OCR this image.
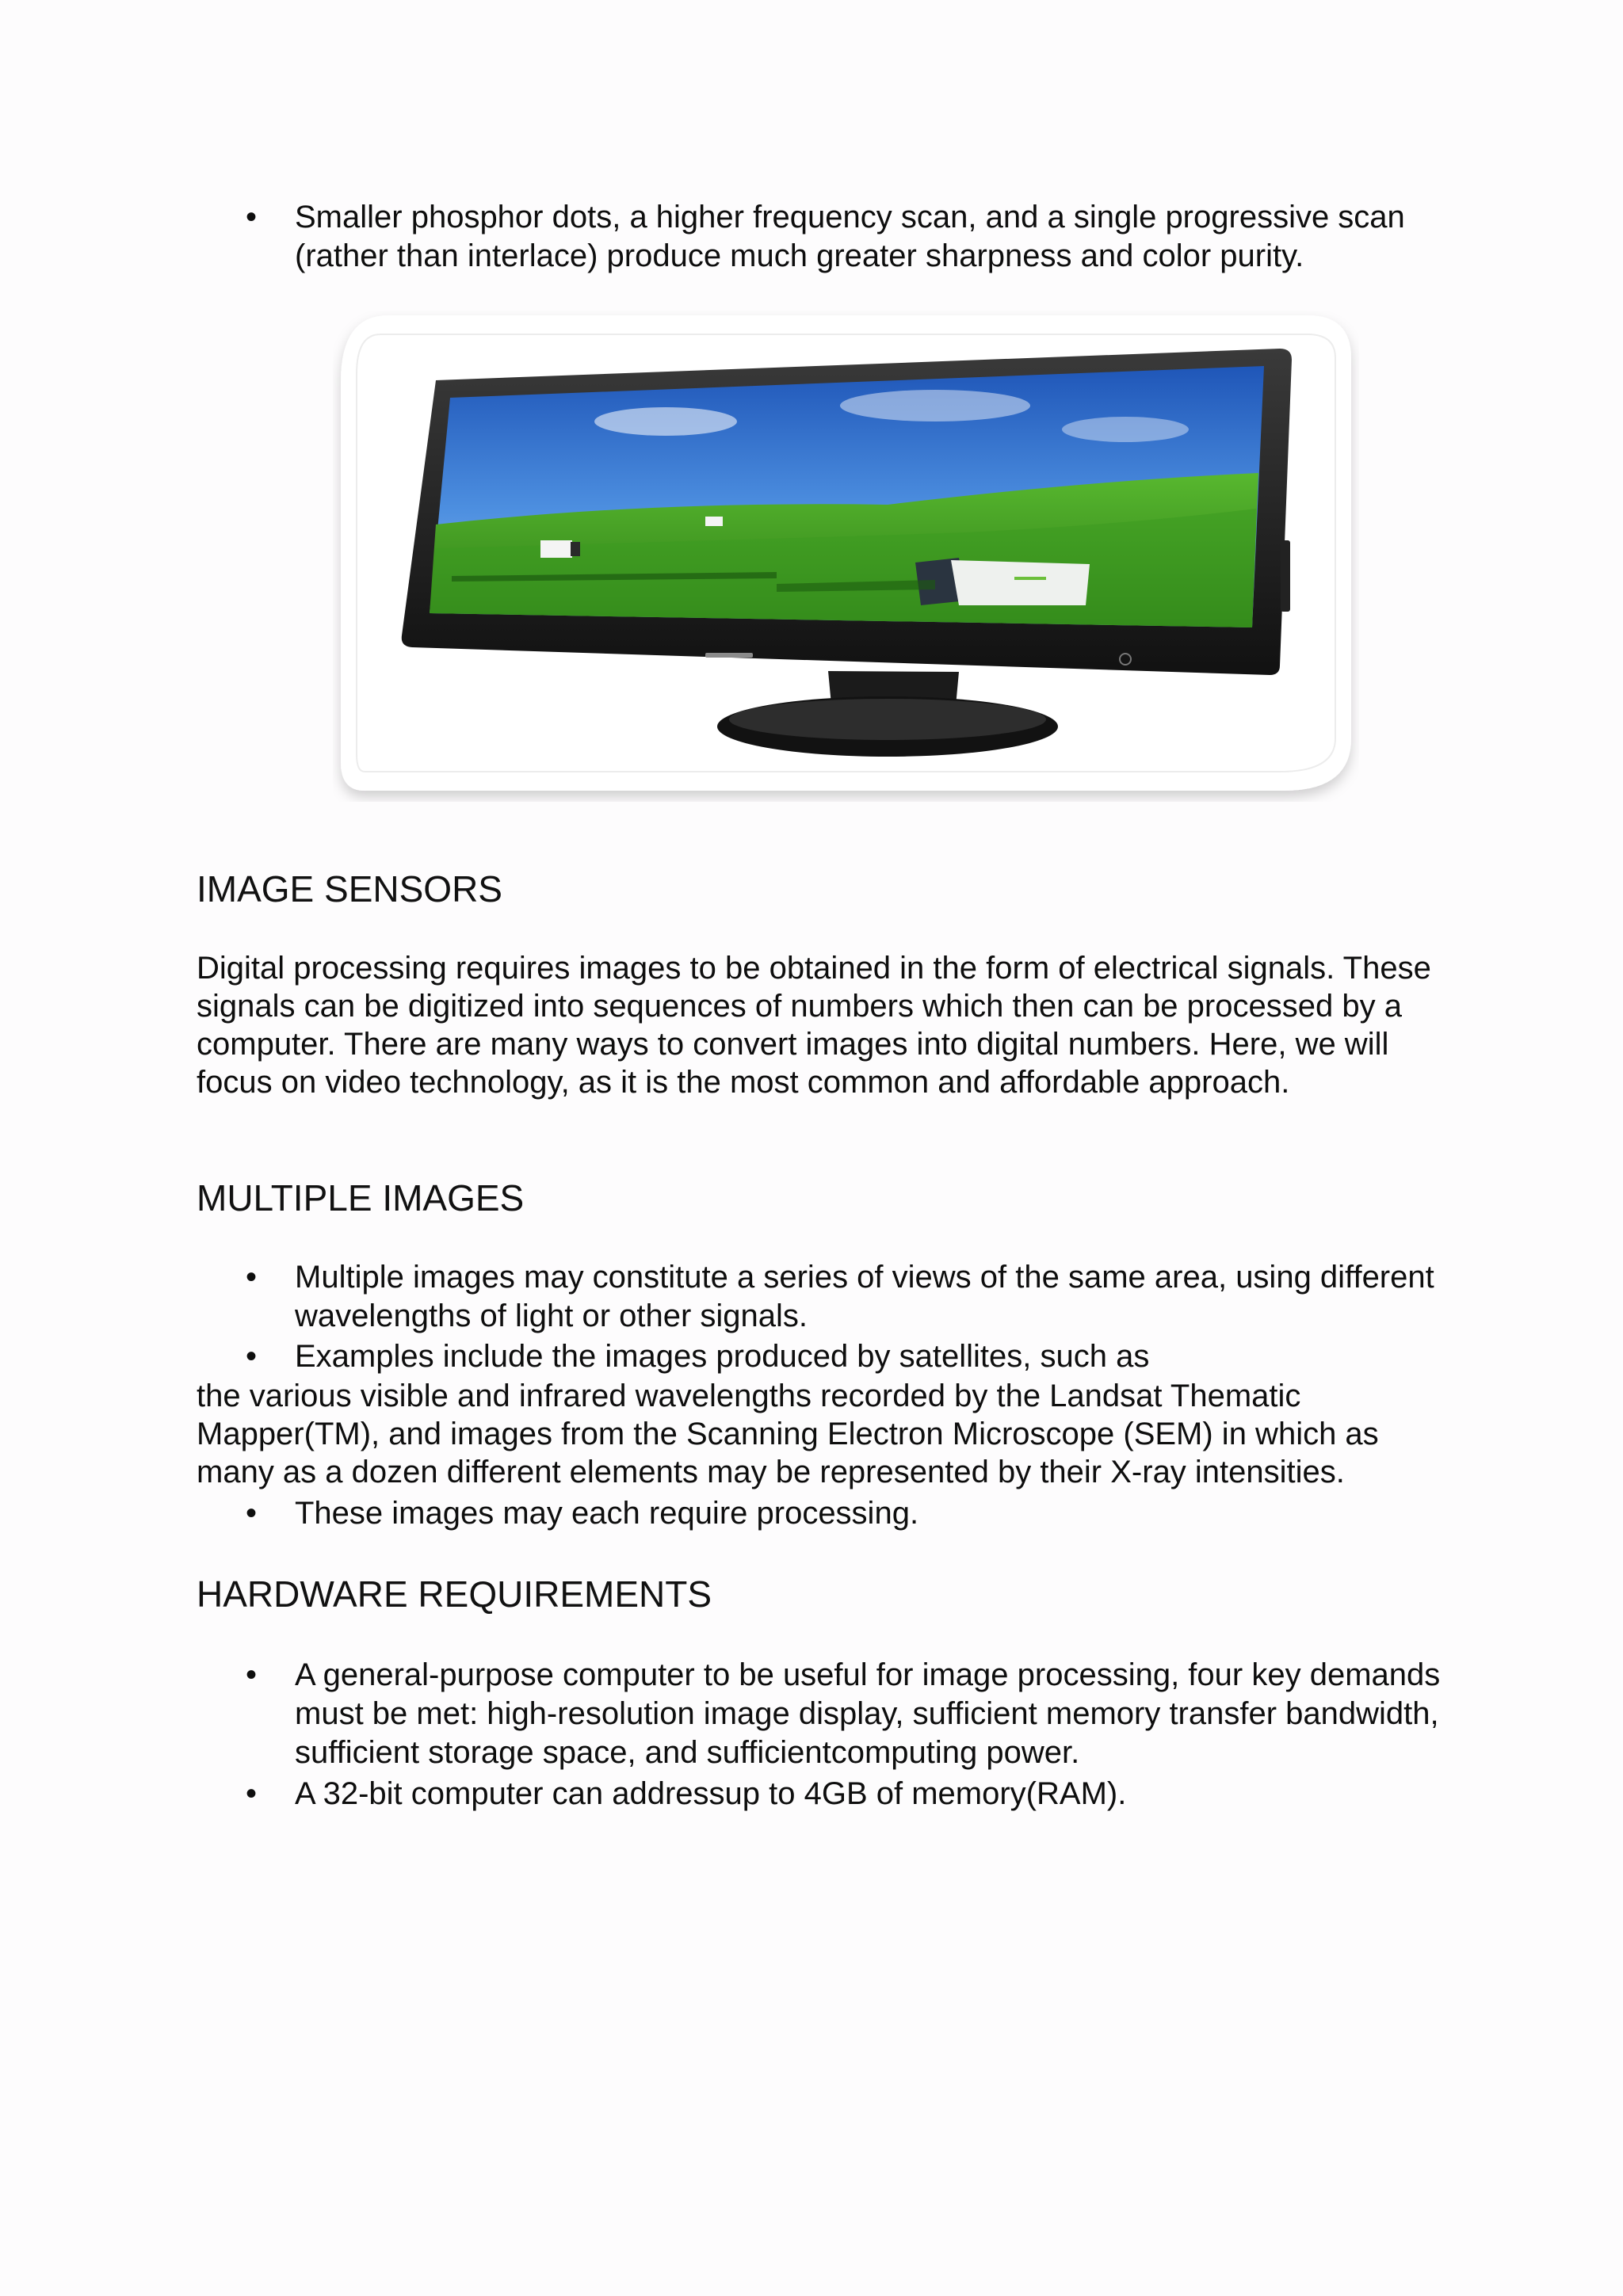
• Smaller phosphor dots, a higher frequency scan, and a single progressive scan (rather than interlace) produce much greater sharpness and color purity.
IMAGE SENSORS

Digital processing requires images to be obtained in the form of electrical signals. These signals can be digitized into sequences of numbers which then can be processed by a computer. There are many ways to convert images into digital numbers. Here, we will focus on video technology, as it is the most common and affordable approach.

MULTIPLE IMAGES
• Multiple images may constitute a series of views of the same area, using different wavelengths of light or other signals.
• Examples include the images produced by satellites, such as

the various visible and infrared wavelengths recorded by the Landsat Thematic Mapper(TM), and images from the Scanning Electron Microscope (SEM) in which as many as a dozen different elements may be represented by their X-ray intensities.

• These images may each require processing.
HARDWARE REQUIREMENTS
• A general-purpose computer to be useful for image processing, four key demands must be met: high-resolution image display, sufficient memory transfer bandwidth, sufficient storage space, and sufficientcomputing power.
• A 32-bit computer can addressup to 4GB of memory(RAM).
